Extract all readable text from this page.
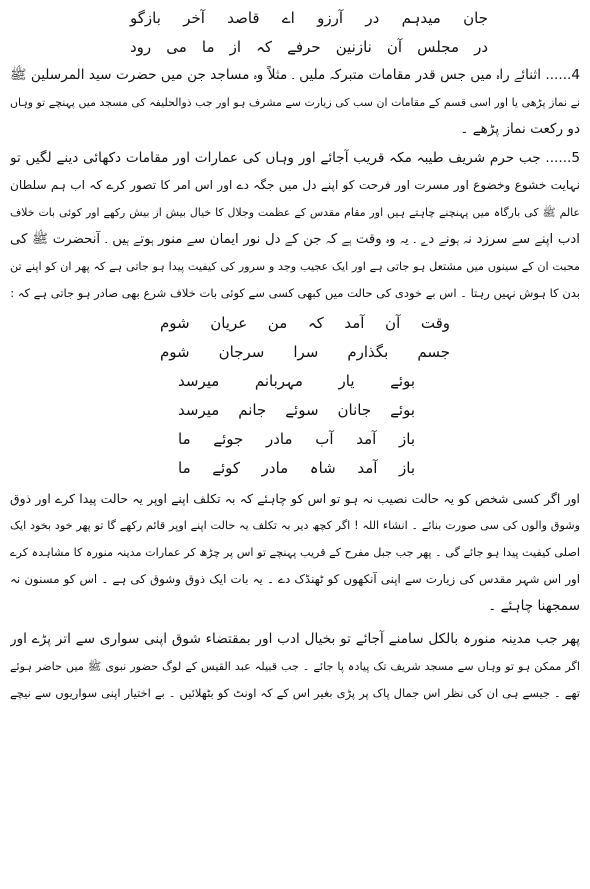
جان میدہم در آرزو اے قاصد آخر بازگو
در مجلس آن نازنین حرفے کہ از ما می رود
4...... اثنائے راہ میں جس قدر مقامات متبرکہ ملیں ۔ مثلاً وہ مساجد جن میں حضرت سید المرسلین ﷺ
نے نماز پڑھی یا اور اسی قسم کے مقامات ان سب کی زیارت سے مشرف ہو اور جب ذوالحلیفہ کی مسجد میں پہنچے تو وہاں
دو رکعت نماز پڑھے ۔
5...... جب حرم شریف طیبہ مکہ قریب آجائے اور وہاں کی عمارات اور مقامات دکھائی دینے لگیں تو
نہایت خشوع وخضوع اور مسرت اور فرحت کو اپنے دل میں جگہ دے اور اس امر کا تصور کرے کہ اب ہم سلطان
عالم ﷺ کی بارگاہ میں پہنچنے چاہتے ہیں اور مقام مقدس کے عظمت وجلال کا خیال بیش از بیش رکھے اور کوئی بات خلاف
ادب اپنے سے سرزد نہ ہونے دے ۔ یہ وہ وقت ہے کہ جن کے دل نور ایمان سے منور ہوتے ہیں ۔ آنحضرت ﷺ کی
محبت ان کے سینوں میں مشتعل ہو جاتی ہے اور ایک عجیب وجد و سرور کی کیفیت پیدا ہو جاتی ہے کہ پھر ان کو اپنے تن
بدن کا ہوش نہیں رہتا ۔ اس بے خودی کی حالت میں کبھی کسی سے کوئی بات خلاف شرع بھی صادر ہو جاتی ہے کہ :
وقت آن آمد کہ من عریان شوم
جسم بگذارم سرا سرجان شوم
بوئے یار مہربانم میرسد
بوئے جانان سوئے جانم میرسد
باز آمد آب مادر جوئے ما
باز آمد شاہ مادر کوئے ما
اور اگر کسی شخص کو یہ حالت نصیب نہ ہو تو اس کو چاہئے کہ بہ تکلف اپنے اوپر یہ حالت پیدا کرے اور ذوق
وشوق والوں کی سی صورت بنائے ۔ انشاء اللہ ! اگر کچھ دیر بہ تکلف یہ حالت اپنے اوپر قائم رکھے گا تو پھر خود بخود ایک
اصلی کیفیت پیدا ہو جائے گی ۔ پھر جب جبل مفرح کے قریب پہنچے تو اس پر چڑھ کر عمارات مدینہ منورہ کا مشاہدہ کرے
اور اس شہر مقدس کی زیارت سے اپنی آنکھوں کو ٹھنڈک دے ۔ یہ بات ایک ذوق وشوق کی ہے ۔ اس کو مسنون نہ
سمجھنا چاہئے ۔
پھر جب مدینہ منورہ بالکل سامنے آجائے تو بخیال ادب اور بمقتضاء شوق اپنی سواری سے اتر پڑے اور
اگر ممکن ہو تو وہاں سے مسجد شریف تک پیادہ پا جائے ۔ جب قبیلہ عبد القیس کے لوگ حضور نبوی ﷺ میں حاضر ہوئے
تھے ۔ جیسے ہی ان کی نظر اس جمال پاک پر پڑی بغیر اس کے کہ اونٹ کو بٹھلائیں ۔ بے اختیار اپنی سواریوں سے نیچے
